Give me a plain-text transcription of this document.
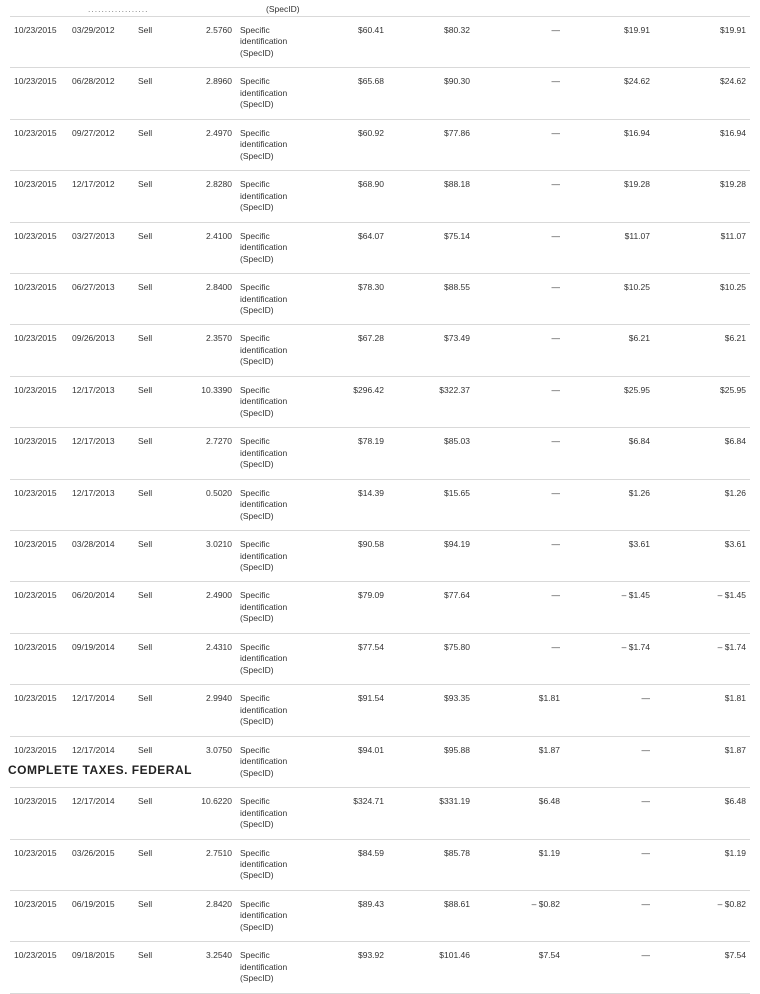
..................	(SpecID)
10/23/2015	03/29/2012	Sell	2.5760	Specific identification (SpecID)	$60.41	$80.32	—	$19.91	$19.91
10/23/2015	06/28/2012	Sell	2.8960	Specific identification (SpecID)	$65.68	$90.30	—	$24.62	$24.62
10/23/2015	09/27/2012	Sell	2.4970	Specific identification (SpecID)	$60.92	$77.86	—	$16.94	$16.94
10/23/2015	12/17/2012	Sell	2.8280	Specific identification (SpecID)	$68.90	$88.18	—	$19.28	$19.28
10/23/2015	03/27/2013	Sell	2.4100	Specific identification (SpecID)	$64.07	$75.14	—	$11.07	$11.07
10/23/2015	06/27/2013	Sell	2.8400	Specific identification (SpecID)	$78.30	$88.55	—	$10.25	$10.25
10/23/2015	09/26/2013	Sell	2.3570	Specific identification (SpecID)	$67.28	$73.49	—	$6.21	$6.21
10/23/2015	12/17/2013	Sell	10.3390	Specific identification (SpecID)	$296.42	$322.37	—	$25.95	$25.95
10/23/2015	12/17/2013	Sell	2.7270	Specific identification (SpecID)	$78.19	$85.03	—	$6.84	$6.84
10/23/2015	12/17/2013	Sell	0.5020	Specific identification (SpecID)	$14.39	$15.65	—	$1.26	$1.26
10/23/2015	03/28/2014	Sell	3.0210	Specific identification (SpecID)	$90.58	$94.19	—	$3.61	$3.61
10/23/2015	06/20/2014	Sell	2.4900	Specific identification (SpecID)	$79.09	$77.64	—	– $1.45	– $1.45
10/23/2015	09/19/2014	Sell	2.4310	Specific identification (SpecID)	$77.54	$75.80	—	– $1.74	– $1.74
10/23/2015	12/17/2014	Sell	2.9940	Specific identification (SpecID)	$91.54	$93.35	$1.81	—	$1.81
10/23/2015	12/17/2014	Sell	3.0750	Specific identification (SpecID)	$94.01	$95.88	$1.87	—	$1.87
10/23/2015	12/17/2014	Sell	10.6220	Specific identification (SpecID)	$324.71	$331.19	$6.48	—	$6.48
10/23/2015	03/26/2015	Sell	2.7510	Specific identification (SpecID)	$84.59	$85.78	$1.19	—	$1.19
10/23/2015	06/19/2015	Sell	2.8420	Specific identification (SpecID)	$89.43	$88.61	– $0.82	—	– $0.82
10/23/2015	09/18/2015	Sell	3.2540	Specific identification (SpecID)	$93.92	$101.46	$7.54	—	$7.54
COMPLETE TAXES. FEDERAL
